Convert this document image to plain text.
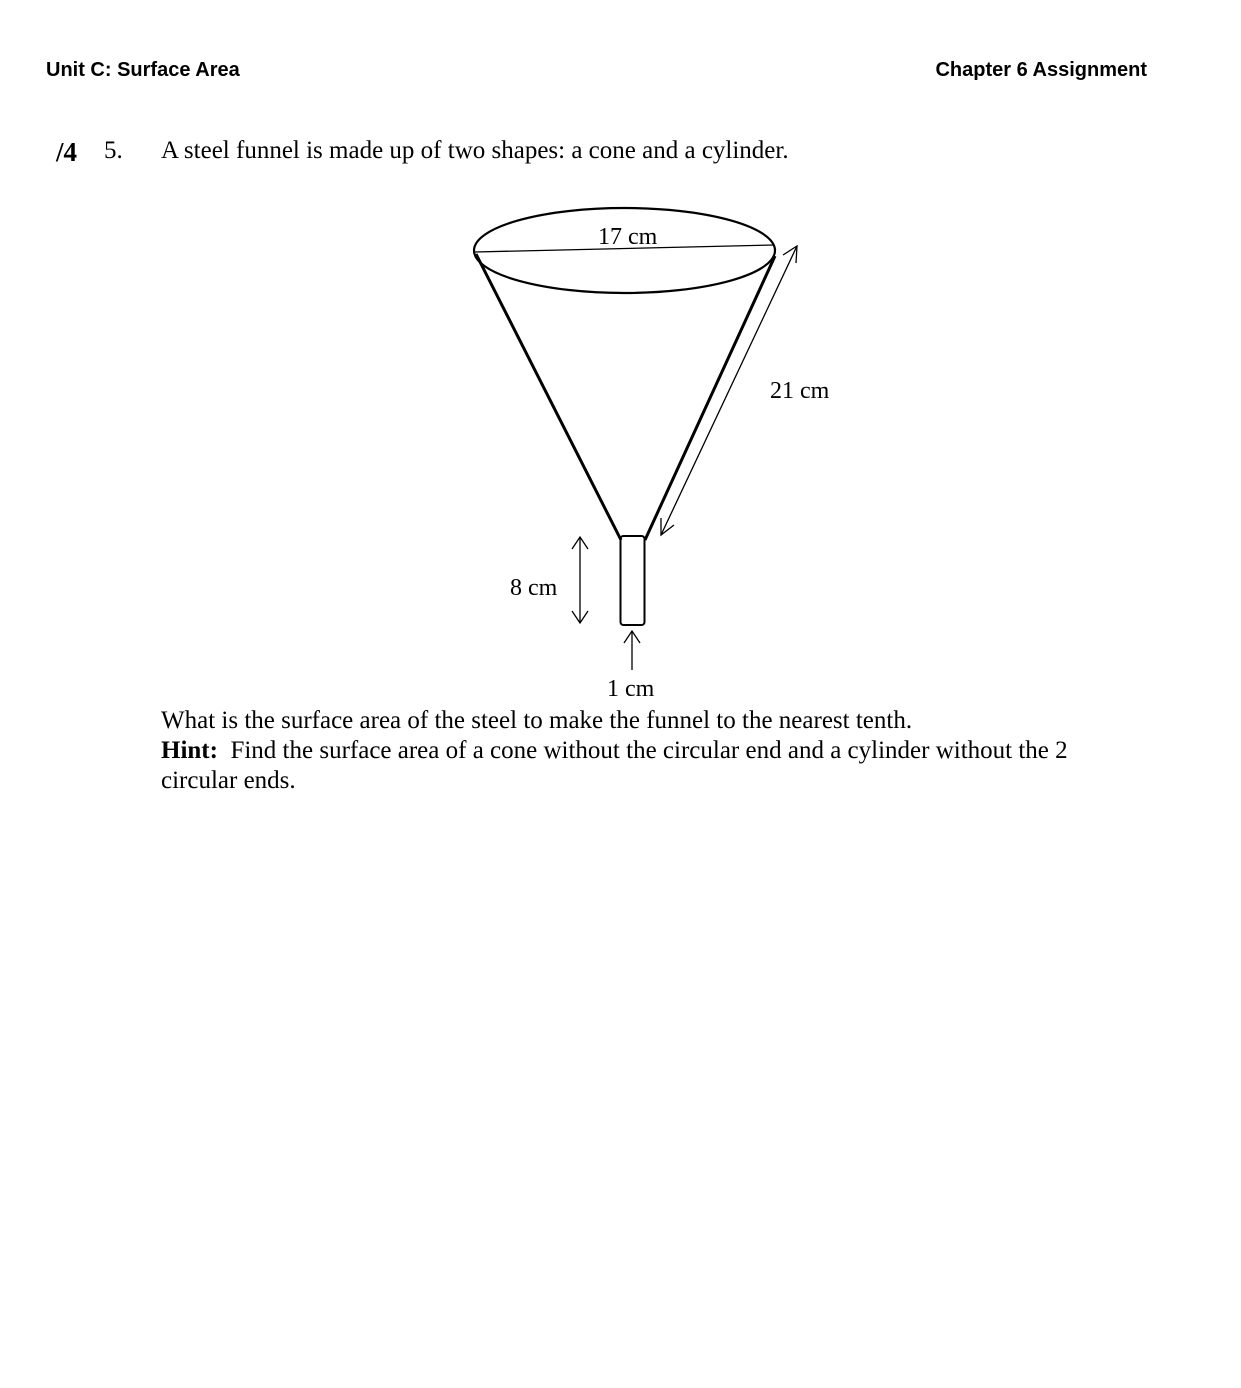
Unit C: Surface Area	Chapter 6 Assignment
/4 5. A steel funnel is made up of two shapes: a cone and a cylinder.
17 cm
21 cm
8 cm
1 cm

What is the surface area of the steel to make the funnel to the nearest tenth.

Hint: Find the surface area of a cone without the circular end and a cylinder without the 2 circular ends.
